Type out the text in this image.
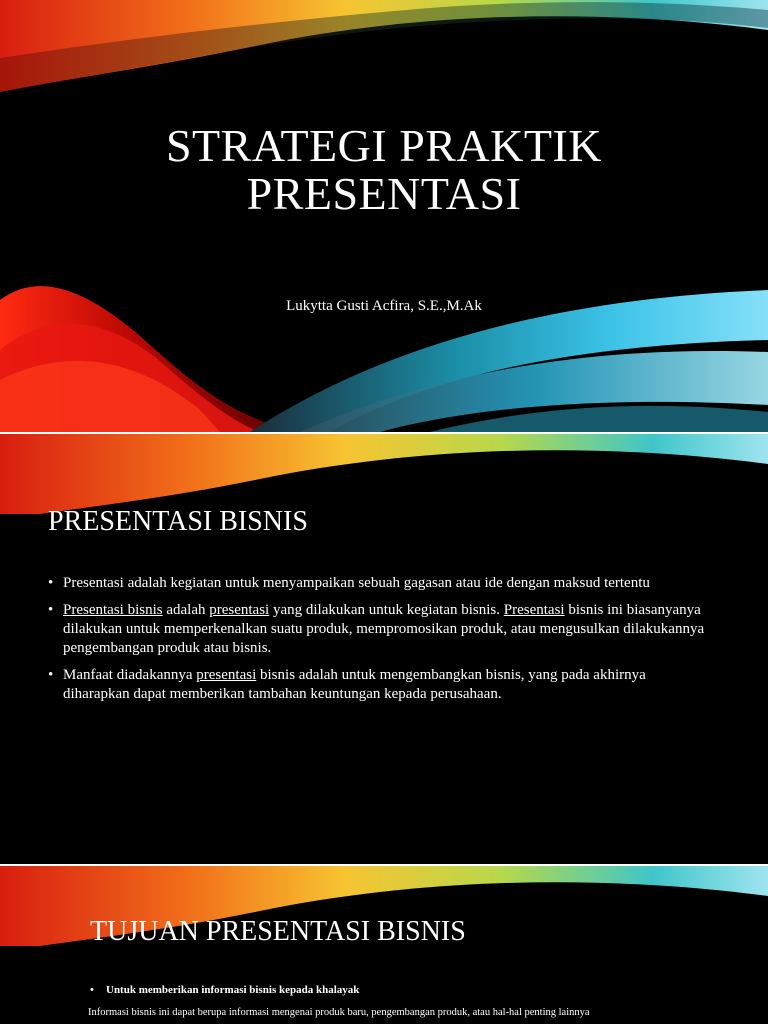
STRATEGI PRAKTIK
PRESENTASI
Lukytta Gusti Acfira, S.E.,M.Ak
PRESENTASI BISNIS
• Presentasi adalah kegiatan untuk menyampaikan sebuah gagasan atau ide dengan maksud tertentu
• Presentasi bisnis adalah presentasi yang dilakukan untuk kegiatan bisnis. Presentasi bisnis ini biasanyanya dilakukan untuk memperkenalkan suatu produk, mempromosikan produk, atau mengusulkan dilakukannya pengembangan produk atau bisnis.
• Manfaat diadakannya presentasi bisnis adalah untuk mengembangkan bisnis, yang pada akhirnya diharapkan dapat memberikan tambahan keuntungan kepada perusahaan.
TUJUAN PRESENTASI BISNIS
• Untuk memberikan informasi bisnis kepada khalayak
Informasi bisnis ini dapat berupa informasi mengenai produk baru, pengembangan produk, atau hal-hal penting lainnya
